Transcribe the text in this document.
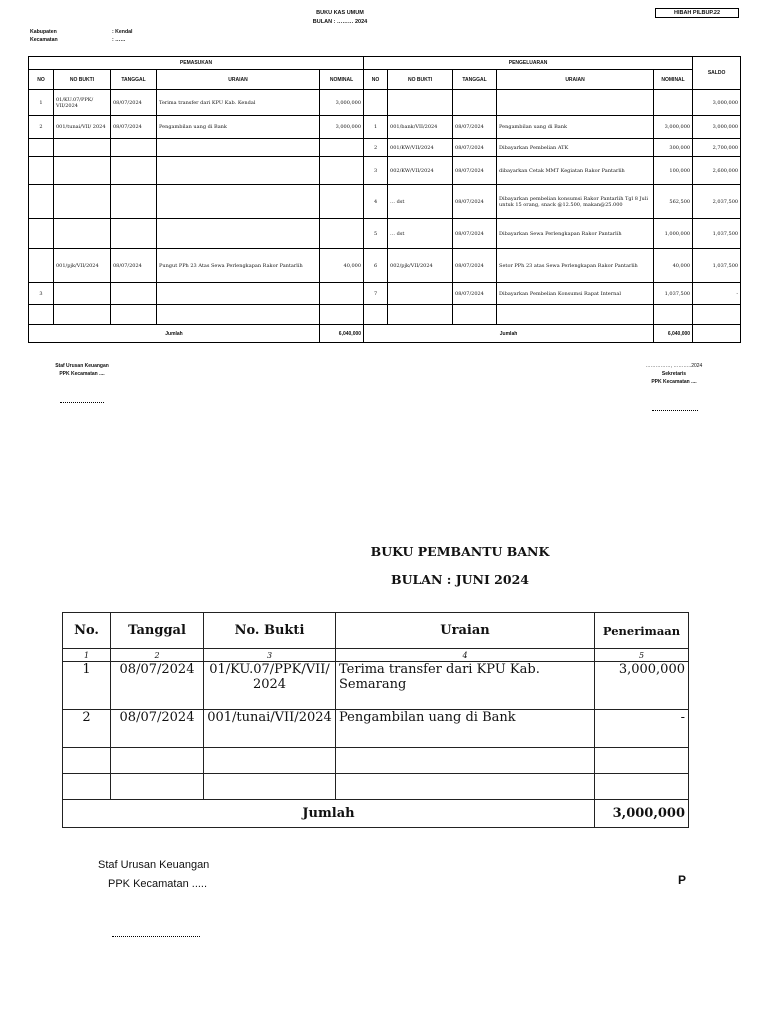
BUKU KAS UMUM
BULAN : ……… 2024
HIBAH PILBUP.22
Kabupaten	: Kendal
Kecamatan	: ……
PEMASUKAN					PENGELUARAN					SALDO
NO	NO BUKTI	TANGGAL	URAIAN	NOMINAL	NO	NO BUKTI	TANGGAL	URAIAN	NOMINAL	
1	01/KU.07/PPK/ VII/2024	08/07/2024	Terima transfer dari KPU Kab. Kendal	3,000,000						3,000,000
2	001/tunai/VII/ 2024	08/07/2024	Pengambilan uang di Bank	3,000,000	1	001/bank/VII/2024	08/07/2024	Pengambilan uang di Bank	3,000,000	3,000,000
					2	001/KW/VII/2024	08/07/2024	Dibayarkan Pembelian ATK	300,000	2,700,000
					3	002/KW/VII/2024	08/07/2024	dibayarkan Cetak MMT Kegiatan Rakor Pantarlih	100,000	2,600,000
					4	… dst	08/07/2024	Dibayarkan pembelian konsumsi Rakor Pantarlih Tgl 8 Juli untuk 15 orang, snack @12.500, makan@25.000	562,500	2,037,500
					5	… dst	08/07/2024	Dibayarkan Sewa Perlengkapan Rakor Pantarlih	1,000,000	1,037,500
	001/pjk/VII/2024	08/07/2024	Pungut PPh 23 Atas Sewa Perlengkapan Rakor Pantarlih	40,000	6	002/pjk/VII/2024	08/07/2024	Setor PPh 23 atas Sewa Perlengkapan Rakor Pantarlih	40,000	1,037,500
3					7		08/07/2024	Dibayarkan Pembelian Konsumsi Rapat Internal	1,037,500	-

Jumlah				6,040,000	Jumlah				6,040,000	
Staf Urusan Keuangan
PPK Kecamatan ....
……………, ………..2024
Sekretaris
PPK Kecamatan ....
BUKU PEMBANTU BANK
BULAN : JUNI 2024
No.	Tanggal	No. Bukti	Uraian	Penerimaan
1	2	3	4	5
1	08/07/2024	01/KU.07/PPK/VII/ 2024	Terima transfer dari KPU Kab. Semarang	3,000,000
2	08/07/2024	001/tunai/VII/2024	Pengambilan uang di Bank	-

Jumlah				3,000,000
Staf Urusan Keuangan
PPK Kecamatan .....	P
